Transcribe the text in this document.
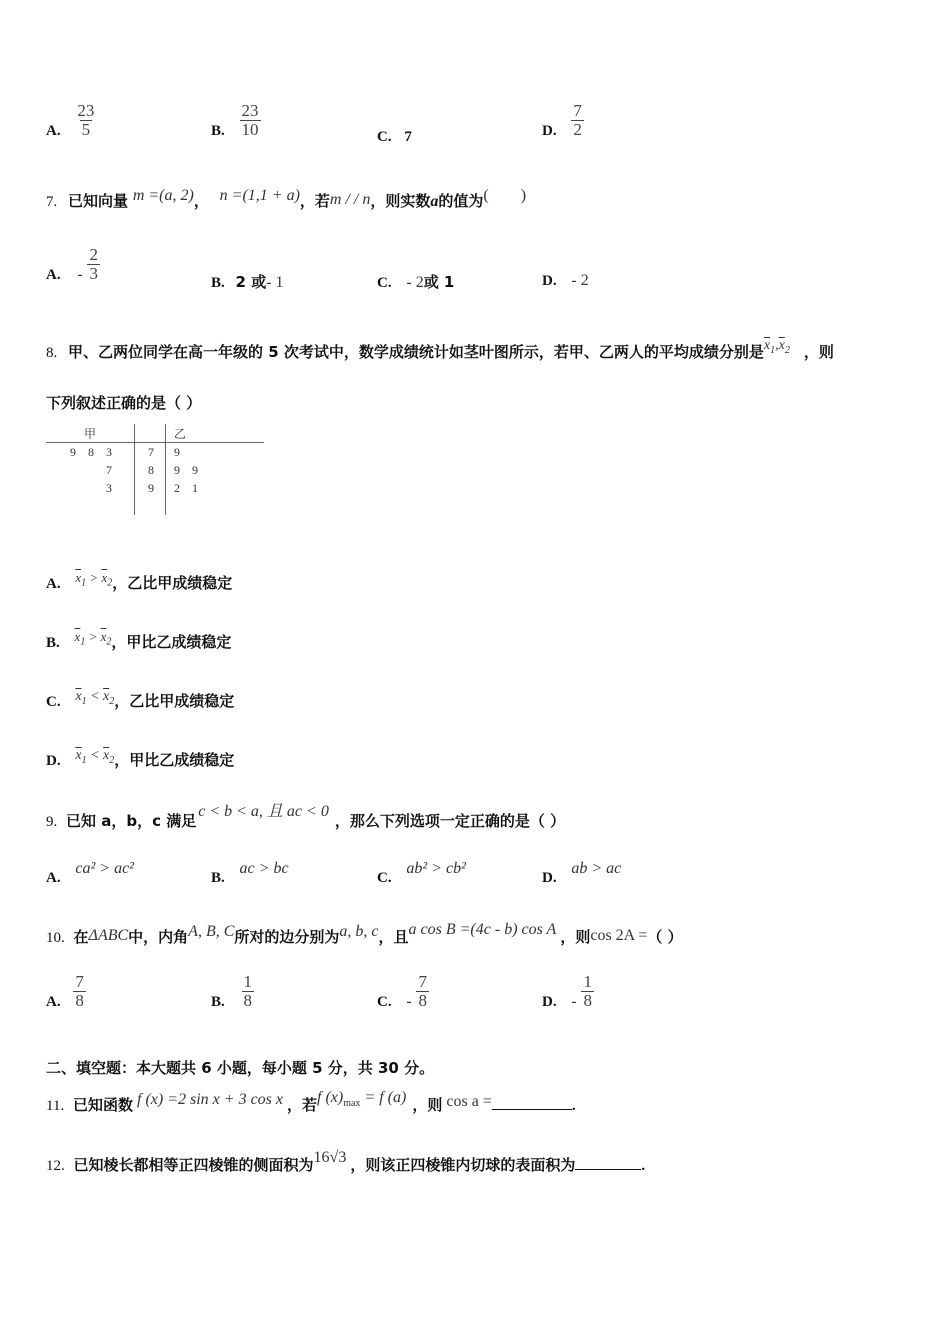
A. $\frac{23}{5}$	B. $\frac{23}{10}$	C. 7	D. $\frac{7}{2}$
7. 已知向量 m =(a, 2)， n =(1,1 + a)，若m / / n，则实数a的值为(        )
A. - $\frac{2}{3}$	B. 2 或- 1	C. - 2或 1	D. - 2
8. 甲、乙两位同学在高一年级的 5 次考试中，数学成绩统计如茎叶图所示，若甲、乙两人的平均成绩分别是$\overline{x}_1,\overline{x}_2$ ，则
下列叙述正确的是（ ）
甲			乙
9    8    3		7	9
7		8	9    9
3		9	2    1

A. $\overline{x}_1 > \overline{x}_2$，乙比甲成绩稳定
B. $\overline{x}_1 > \overline{x}_2$，甲比乙成绩稳定
C. $\overline{x}_1 < \overline{x}_2$，乙比甲成绩稳定
D. $\overline{x}_1 < \overline{x}_2$，甲比乙成绩稳定
9. 已知 a，b，c 满足c < b < a, 且 ac < 0，那么下列选项一定正确的是（ ）
A. ca² > ac²
B. ac > bc
C. ab² > cb²
D. ab > ac
10. 在ΔABC中，内角A, B, C所对的边分别为a, b, c，且a cos B =(4c - b) cos A ，则cos 2A =（ ）
A. $\frac{7}{8}$	B. $\frac{1}{8}$	C. - $\frac{7}{8}$	D. - $\frac{1}{8}$
二、填空题：本大题共 6 小题，每小题 5 分，共 30 分。
11. 已知函数 f (x) =2 sin x + 3 cos x ，若f $(x)_{max} = f$ (a) ，则 cos a =	.
12. 已知棱长都相等正四棱锥的侧面积为16√3 ，则该正四棱锥内切球的表面积为	.
